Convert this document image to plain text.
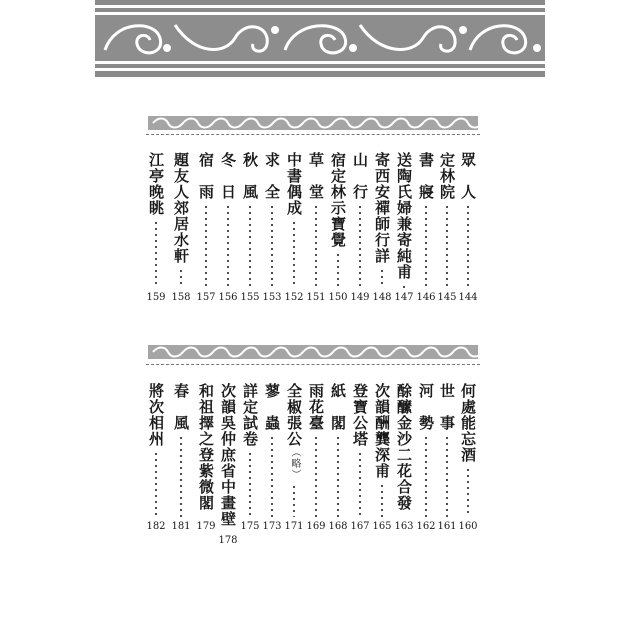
眾　人
144
定林院
145
書　寢
146
送陶氏婦兼寄純甫
147
寄西安禪師行詳
148
山　行
149
宿定林示寶覺
150
草　堂
151
中書偶成
152
求　全
153
秋　風
155
冬　日
156
宿　雨
157
題友人郊居水軒
158
江亭晚眺
159
何處能忘酒
160
世　事
161
河　勢
162
酴醿金沙二花合發
163
次韻酬龔深甫
165
登寶公塔
167
紙　閣
168
雨花臺
169
全椒張公（略）
171
蓼　蟲
173
詳定試卷
175
次韻吳仲庶省中畫壁
178
和祖擇之登紫微閣
179
春　風
181
將次相州
182
